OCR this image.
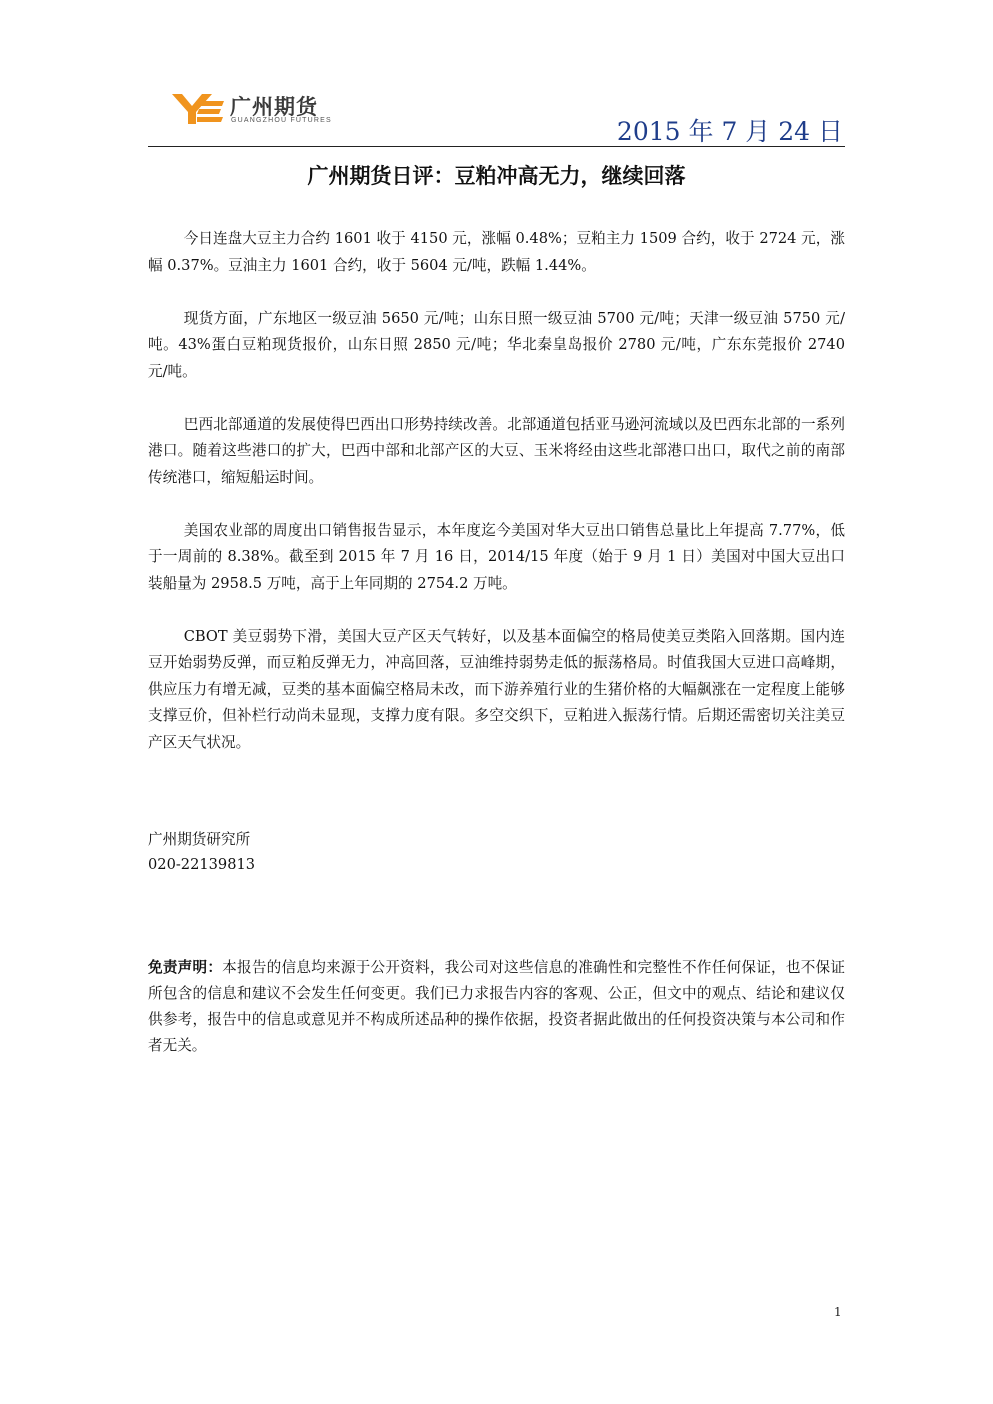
广州期货
GUANGZHOU FUTURES	2015 年 7 月 24 日
广州期货日评：豆粕冲高无力，继续回落

今日连盘大豆主力合约 1601 收于 4150 元，涨幅 0.48%；豆粕主力 1509 合约，收于 2724 元，涨幅 0.37%。豆油主力 1601 合约，收于 5604 元/吨，跌幅 1.44%。

现货方面，广东地区一级豆油 5650 元/吨；山东日照一级豆油 5700 元/吨；天津一级豆油 5750 元/吨。43%蛋白豆粕现货报价，山东日照 2850 元/吨；华北秦皇岛报价 2780 元/吨，广东东莞报价 2740 元/吨。

巴西北部通道的发展使得巴西出口形势持续改善。北部通道包括亚马逊河流域以及巴西东北部的一系列港口。随着这些港口的扩大，巴西中部和北部产区的大豆、玉米将经由这些北部港口出口，取代之前的南部传统港口，缩短船运时间。

美国农业部的周度出口销售报告显示，本年度迄今美国对华大豆出口销售总量比上年提高 7.77%，低于一周前的 8.38%。截至到 2015 年 7 月 16 日，2014/15 年度（始于 9 月 1 日）美国对中国大豆出口装船量为 2958.5 万吨，高于上年同期的 2754.2 万吨。

CBOT 美豆弱势下滑，美国大豆产区天气转好，以及基本面偏空的格局使美豆类陷入回落期。国内连豆开始弱势反弹，而豆粕反弹无力，冲高回落，豆油维持弱势走低的振荡格局。时值我国大豆进口高峰期，供应压力有增无减，豆类的基本面偏空格局未改，而下游养殖行业的生猪价格的大幅飙涨在一定程度上能够支撑豆价，但补栏行动尚未显现，支撑力度有限。多空交织下，豆粕进入振荡行情。后期还需密切关注美豆产区天气状况。

广州期货研究所
020-22139813
免责声明：本报告的信息均来源于公开资料，我公司对这些信息的准确性和完整性不作任何保证，也不保证所包含的信息和建议不会发生任何变更。我们已力求报告内容的客观、公正，但文中的观点、结论和建议仅供参考，报告中的信息或意见并不构成所述品种的操作依据，投资者据此做出的任何投资决策与本公司和作者无关。
1
